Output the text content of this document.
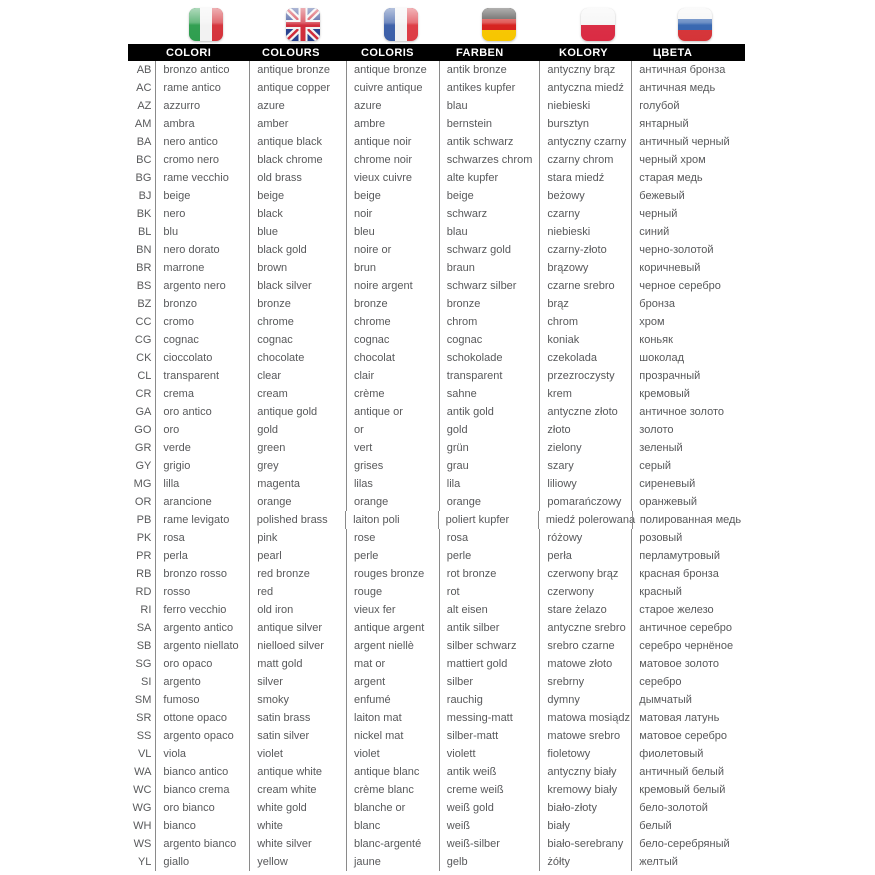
COLORI	COLOURS	COLORIS	FARBEN	KOLORY	ЦВЕТА
AB	bronzo antico	antique bronze	antique bronze	antik bronze	antyczny brąz	античная бронза
AC	rame antico	antique copper	cuivre antique	antikes kupfer	antyczna miedź	античная медь
AZ	azzurro	azure	azure	blau	niebieski	голубой
AM	ambra	amber	ambre	bernstein	bursztyn	янтарный
BA	nero antico	antique black	antique noir	antik schwarz	antyczny czarny	античный черный
BC	cromo nero	black chrome	chrome noir	schwarzes chrom	czarny chrom	черный хром
BG	rame vecchio	old brass	vieux cuivre	alte kupfer	stara miedź	старая медь
BJ	beige	beige	beige	beige	beżowy	бежевый
BK	nero	black	noir	schwarz	czarny	черный
BL	blu	blue	bleu	blau	niebieski	синий
BN	nero dorato	black gold	noire or	schwarz gold	czarny-złoto	черно-золотой
BR	marrone	brown	brun	braun	brązowy	коричневый
BS	argento nero	black silver	noire argent	schwarz silber	czarne srebro	черное серебро
BZ	bronzo	bronze	bronze	bronze	brąz	бронза
CC	cromo	chrome	chrome	chrom	chrom	хром
CG	cognac	cognac	cognac	cognac	koniak	коньяк
CK	cioccolato	chocolate	chocolat	schokolade	czekolada	шоколад
CL	transparent	clear	clair	transparent	przezroczysty	прозрачный
CR	crema	cream	crème	sahne	krem	кремовый
GA	oro antico	antique gold	antique or	antik gold	antyczne złoto	античное золото
GO	oro	gold	or	gold	złoto	золото
GR	verde	green	vert	grün	zielony	зеленый
GY	grigio	grey	grises	grau	szary	серый
MG	lilla	magenta	lilas	lila	liliowy	сиреневый
OR	arancione	orange	orange	orange	pomarańczowy	оранжевый
PB	rame levigato	polished brass	laiton poli	poliert kupfer	miedź polerowana полированная медь
PK	rosa	pink	rose	rosa	różowy	розовый
PR	perla	pearl	perle	perle	perła	перламутровый
RB	bronzo rosso	red bronze	rouges bronze	rot bronze	czerwony brąz	красная бронза
RD	rosso	red	rouge	rot	czerwony	красный
RI	ferro vecchio	old iron	vieux fer	alt eisen	stare żelazo	старое железо
SA	argento antico	antique silver	antique argent	antik silber	antyczne srebro	античное серебро
SB	argento niellato	nielloed silver	argent niellè	silber schwarz	srebro czarne	серебро чернёное
SG	oro opaco	matt gold	mat or	mattiert gold	matowe złoto	матовое золото
SI	argento	silver	argent	silber	srebrny	серебро
SM	fumoso	smoky	enfumé	rauchig	dymny	дымчатый
SR	ottone opaco	satin brass	laiton mat	messing-matt	matowa mosiądz матовая латунь
SS	argento opaco	satin silver	nickel mat	silber-matt	matowe srebro	матовое серебро
VL	viola	violet	violet	violett	fioletowy	фиолетовый
WA	bianco antico	antique white	antique blanc	antik weiß	antyczny biały	античный белый
WC	bianco crema	cream white	crème blanc	creme weiß	kremowy biały	кремовый белый
WG	oro bianco	white gold	blanche or	weiß gold	biało-złoty	бело-золотой
WH	bianco	white	blanc	weiß	biały	белый
WS	argento bianco	white silver	blanc-argenté	weiß-silber	biało-serebrany	бело-серебряный
YL	giallo	yellow	jaune	gelb	żółty	желтый
